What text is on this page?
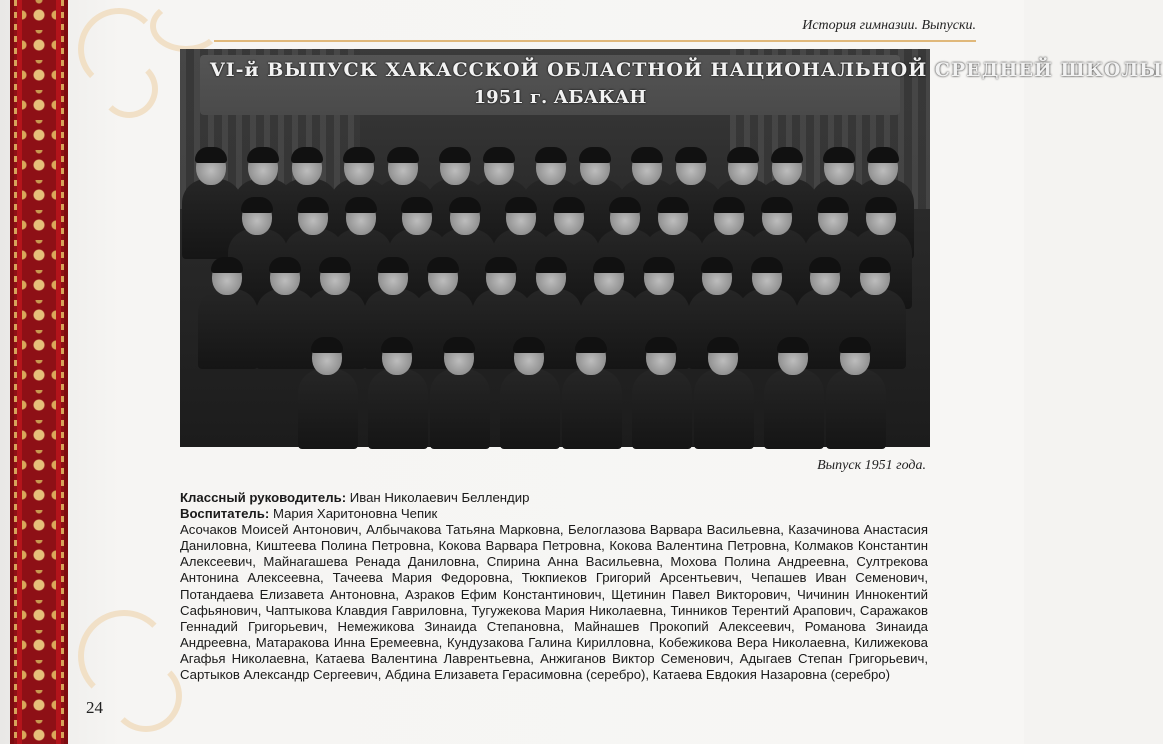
История гимназии. Выпуски.
VI-й ВЫПУСК ХАКАССКОЙ ОБЛАСТНОЙ НАЦИОНАЛЬНОЙ СРЕДНЕЙ ШКОЛЫ
1951 г. АБАКАН
Выпуск 1951 года.
Классный руководитель: Иван Николаевич Беллендир
Воспитатель: Мария Харитоновна Чепик
Асочаков Моисей Антонович, Албычакова Татьяна Марковна, Белоглазова Варвара Васильевна, Казачинова Анастасия Даниловна, Киштеева Полина Петровна, Кокова Варвара Петровна, Кокова Валентина Петровна, Колмаков Константин Алексеевич, Майнагашева Ренада Даниловна, Спирина Анна Васильевна, Мохова Полина Андреевна, Султрекова Антонина Алексеевна, Тачеева Мария Федоровна, Тюкпиеков Григорий Арсентьевич, Чепашев Иван Семенович, Потандаева Елизавета Антоновна, Азраков Ефим Константинович, Щетинин Павел Викторович, Чичинин Иннокентий Сафьянович, Чаптыкова Клавдия Гавриловна, Тугужекова Мария Николаевна, Тинников Терентий Арапович, Саражаков Геннадий Григорьевич, Немежикова Зинаида Степановна, Майнашев Прокопий Алексеевич, Романова Зинаида Андреевна, Матаракова Инна Еремеевна, Кундузакова Галина Кирилловна, Кобежикова Вера Николаевна, Килижекова Агафья Николаевна, Катаева Валентина Лаврентьевна, Анжиганов Виктор Семенович, Адыгаев Степан Григорьевич, Сартыков Александр Сергеевич, Абдина Елизавета Герасимовна (серебро), Катаева Евдокия Назаровна (серебро)
24
